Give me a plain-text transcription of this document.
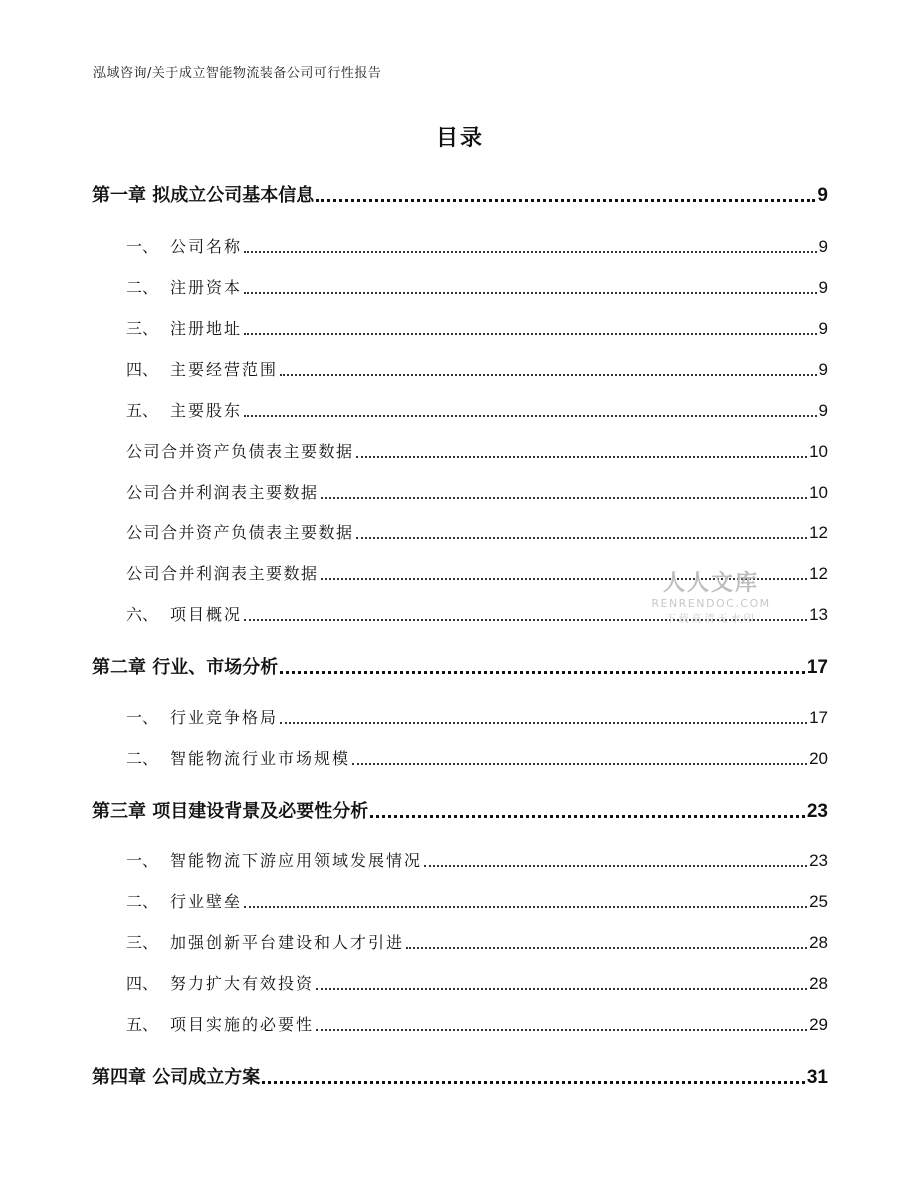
泓域咨询/关于成立智能物流装备公司可行性报告
目录
第一章 拟成立公司基本信息	9
一、 公司名称	9
二、 注册资本	9
三、 注册地址	9
四、 主要经营范围	9
五、 主要股东	9
公司合并资产负债表主要数据	10
公司合并利润表主要数据	10
公司合并资产负债表主要数据	12
公司合并利润表主要数据	12
六、 项目概况	13
第二章 行业、市场分析	17
一、 行业竞争格局	17
二、 智能物流行业市场规模	20
第三章 项目建设背景及必要性分析	23
一、 智能物流下游应用领域发展情况	23
二、 行业壁垒	25
三、 加强创新平台建设和人才引进	28
四、 努力扩大有效投资	28
五、 项目实施的必要性	29
第四章 公司成立方案	31
人人文库
RENRENDOC.COM
下载高清无水印
